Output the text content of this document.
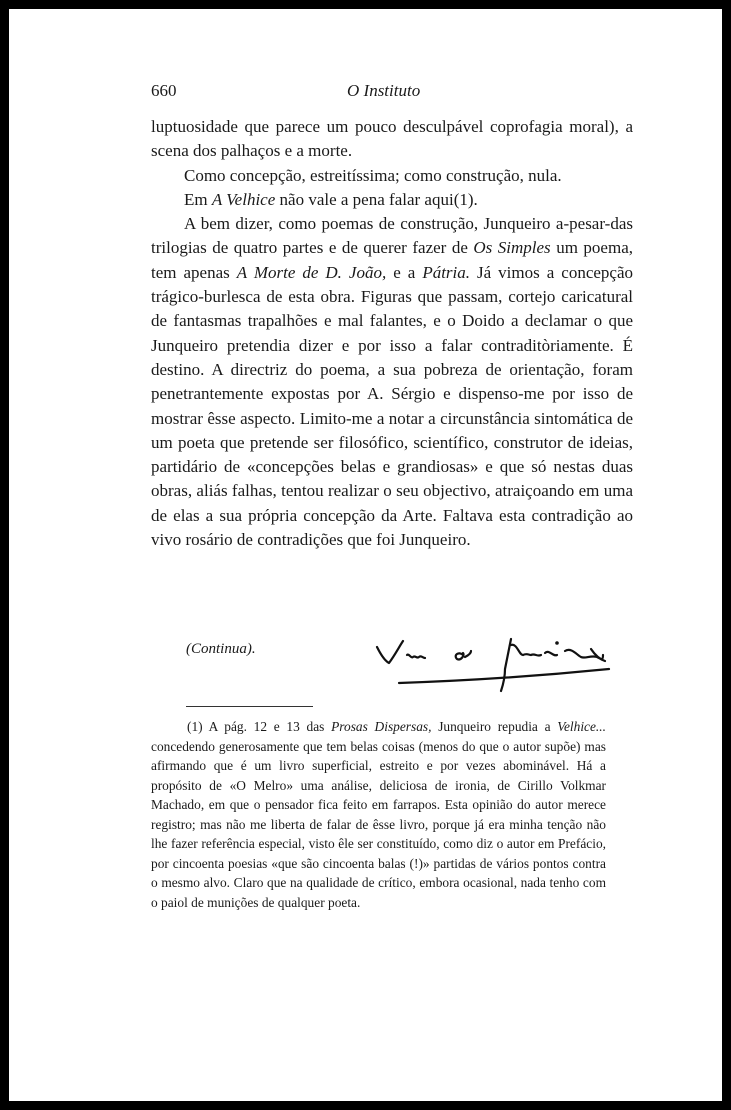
660	O Instituto

luptuosidade que parece um pouco desculpável coprofagia moral), a scena dos palhaços e a morte.

Como concepção, estreitíssima; como construção, nula.

Em A Velhice não vale a pena falar aqui(1).

A bem dizer, como poemas de construção, Junqueiro a-pesar-das trilogias de quatro partes e de querer fazer de Os Simples um poema, tem apenas A Morte de D. João, e a Pátria. Já vimos a concepção trágico-burlesca de esta obra. Figuras que passam, cortejo caricatural de fantasmas trapalhões e mal falantes, e o Doido a declamar o que Junqueiro pretendia dizer e por isso a falar contraditòriamente. É destino. A directriz do poema, a sua pobreza de orientação, foram penetrantemente expostas por A. Sérgio e dispenso-me por isso de mostrar êsse aspecto. Limito-me a notar a circunstância sintomática de um poeta que pretende ser filosófico, scientífico, construtor de ideias, partidário de «concepções belas e grandiosas» e que só nestas duas obras, aliás falhas, tentou realizar o seu objectivo, atraiçoando em uma de elas a sua própria concepção da Arte. Faltava esta contradição ao vivo rosário de contradições que foi Junqueiro.

(Continua).

(1) A pág. 12 e 13 das Prosas Dispersas, Junqueiro repudia a Velhice... concedendo generosamente que tem belas coisas (menos do que o autor supõe) mas afirmando que é um livro superficial, estreito e por vezes abominável. Há a propósito de «O Melro» uma análise, deliciosa de ironia, de Cirillo Volkmar Machado, em que o pensador fica feito em farrapos. Esta opinião do autor merece registro; mas não me liberta de falar de êsse livro, porque já era minha tenção não lhe fazer referência especial, visto êle ser constituído, como diz o autor em Prefácio, por cincoenta poesias «que são cincoenta balas (!)» partidas de vários pontos contra o mesmo alvo. Claro que na qualidade de crítico, embora ocasional, nada tenho com o paiol de munições de qualquer poeta.
